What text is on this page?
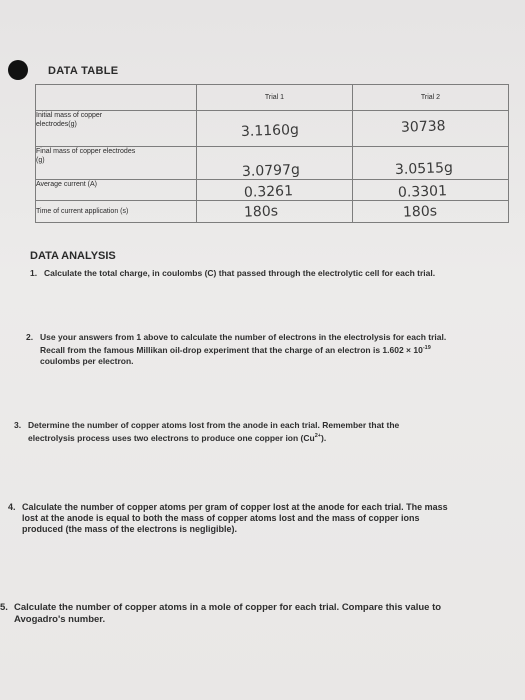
DATA TABLE
	Trial 1	Trial 2

Initial mass of copper
electrodes(g)	3.1160g	30738

Final mass of copper electrodes
(g)	3.0797g	3.0515g

Average current (A)	0.3261	0.3301

Time of current application (s)	180s	180s
DATA ANALYSIS
1. Calculate the total charge, in coulombs (C) that passed through the electrolytic cell for each trial.
2. Use your answers from 1 above to calculate the number of electrons in the electrolysis for each trial.
Recall from the famous Millikan oil-drop experiment that the charge of an electron is $1.602 \times 10^{-19}$
coulombs per electron.
3. Determine the number of copper atoms lost from the anode in each trial. Remember that the
electrolysis process uses two electrons to produce one copper ion $(Cu^{2+})$.
4. Calculate the number of copper atoms per gram of copper lost at the anode for each trial. The mass
lost at the anode is equal to both the mass of copper atoms lost and the mass of copper ions
produced (the mass of the electrons is negligible).
5. Calculate the number of copper atoms in a mole of copper for each trial. Compare this value to
Avogadro's number.
